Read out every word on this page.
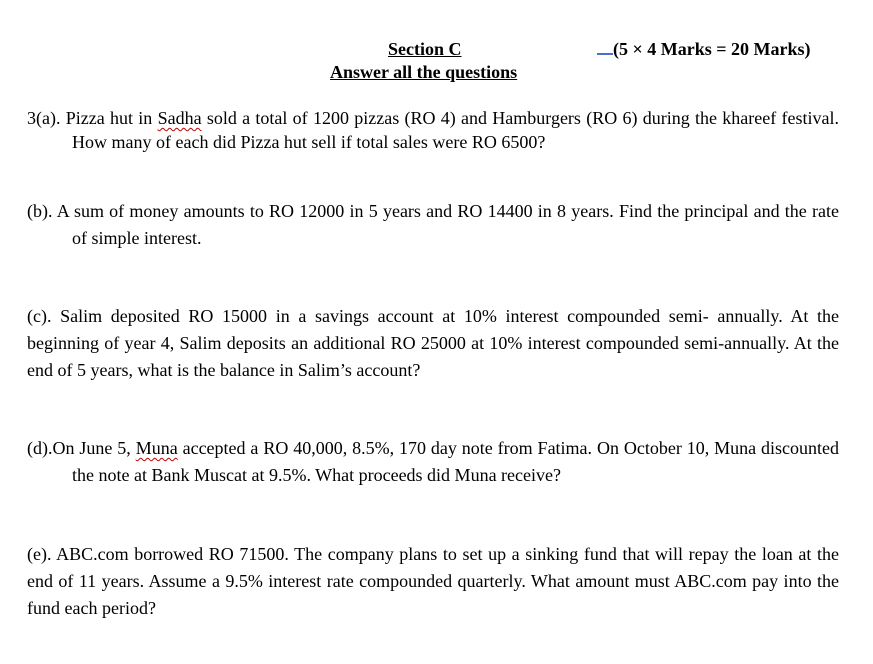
Section C	(5 × 4 Marks = 20 Marks)
Answer all the questions
3(a). Pizza hut in Sadha sold a total of 1200 pizzas (RO 4) and Hamburgers (RO 6) during the khareef festival. How many of each did Pizza hut sell if total sales were RO 6500?
(b). A sum of money amounts to RO 12000 in 5 years and RO 14400 in 8 years. Find the principal and the rate of simple interest.
(c). Salim deposited RO 15000 in a savings account at 10% interest compounded semi- annually. At the beginning of year 4, Salim deposits an additional RO 25000 at 10% interest compounded semi-annually. At the end of 5 years, what is the balance in Salim’s account?
(d).On June 5, Muna accepted a RO 40,000, 8.5%, 170 day note from Fatima. On October 10, Muna discounted the note at Bank Muscat at 9.5%. What proceeds did Muna receive?
(e). ABC.com borrowed RO 71500. The company plans to set up a sinking fund that will repay the loan at the end of 11 years. Assume a 9.5% interest rate compounded quarterly. What amount must ABC.com pay into the fund each period?
